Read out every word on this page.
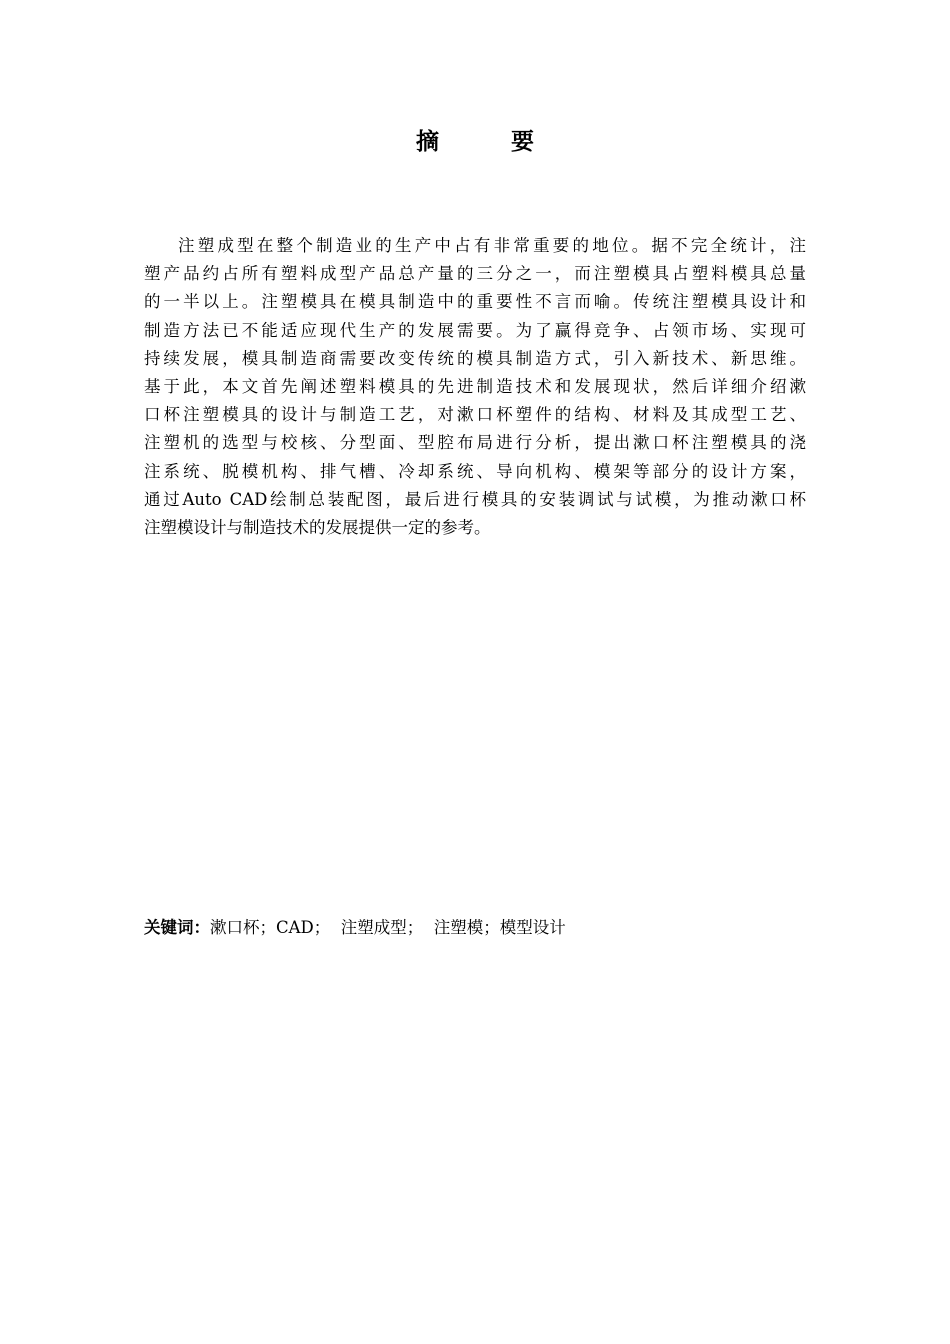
摘 要
注塑成型在整个制造业的生产中占有非常重要的地位。据不完全统计，注
塑产品约占所有塑料成型产品总产量的三分之一，而注塑模具占塑料模具总量
的一半以上。注塑模具在模具制造中的重要性不言而喻。传统注塑模具设计和
制造方法已不能适应现代生产的发展需要。为了赢得竞争、占领市场、实现可
持续发展，模具制造商需要改变传统的模具制造方式，引入新技术、新思维。
基于此，本文首先阐述塑料模具的先进制造技术和发展现状，然后详细介绍漱
口杯注塑模具的设计与制造工艺，对漱口杯塑件的结构、材料及其成型工艺、
注塑机的选型与校核、分型面、型腔布局进行分析，提出漱口杯注塑模具的浇
注系统、脱模机构、排气槽、冷却系统、导向机构、模架等部分的设计方案，
通过Auto CAD绘制总装配图，最后进行模具的安装调试与试模，为推动漱口杯
注塑模设计与制造技术的发展提供一定的参考。
关键词：漱口杯；CAD；  注塑成型；  注塑模；模型设计
